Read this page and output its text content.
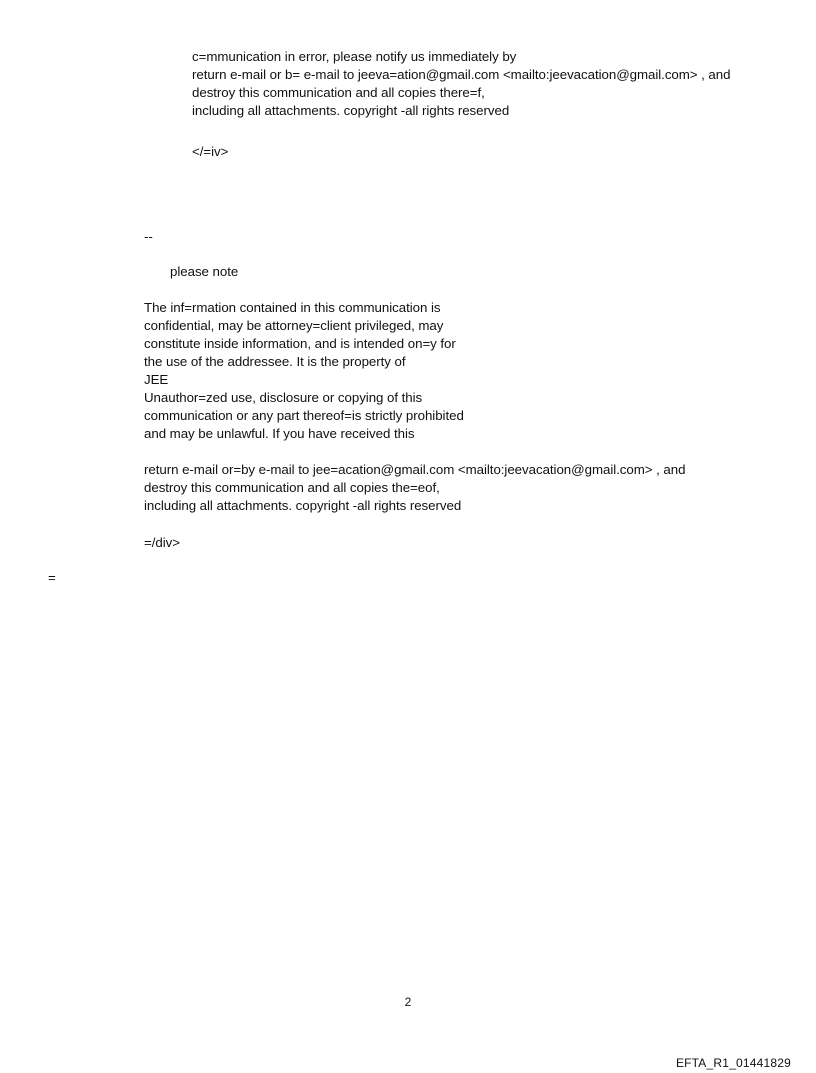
c=mmunication in error, please notify us immediately by
return e-mail or b= e-mail to jeeva=ation@gmail.com <mailto:jeevacation@gmail.com> , and
destroy this communication and all copies there=f,
including all attachments. copyright -all rights reserved
</=iv>
--
please note
The inf=rmation contained in this communication is
confidential, may be attorney=client privileged, may
constitute inside information, and is intended on=y for
the use of the addressee. It is the property of
JEE
Unauthor=zed use, disclosure or copying of this
communication or any part thereof=is strictly prohibited
and may be unlawful. If you have received this
return e-mail or=by e-mail to jee=acation@gmail.com <mailto:jeevacation@gmail.com> , and
destroy this communication and all copies the=eof,
including all attachments. copyright -all rights reserved
=/div>
=
2
EFTA_R1_01441829
